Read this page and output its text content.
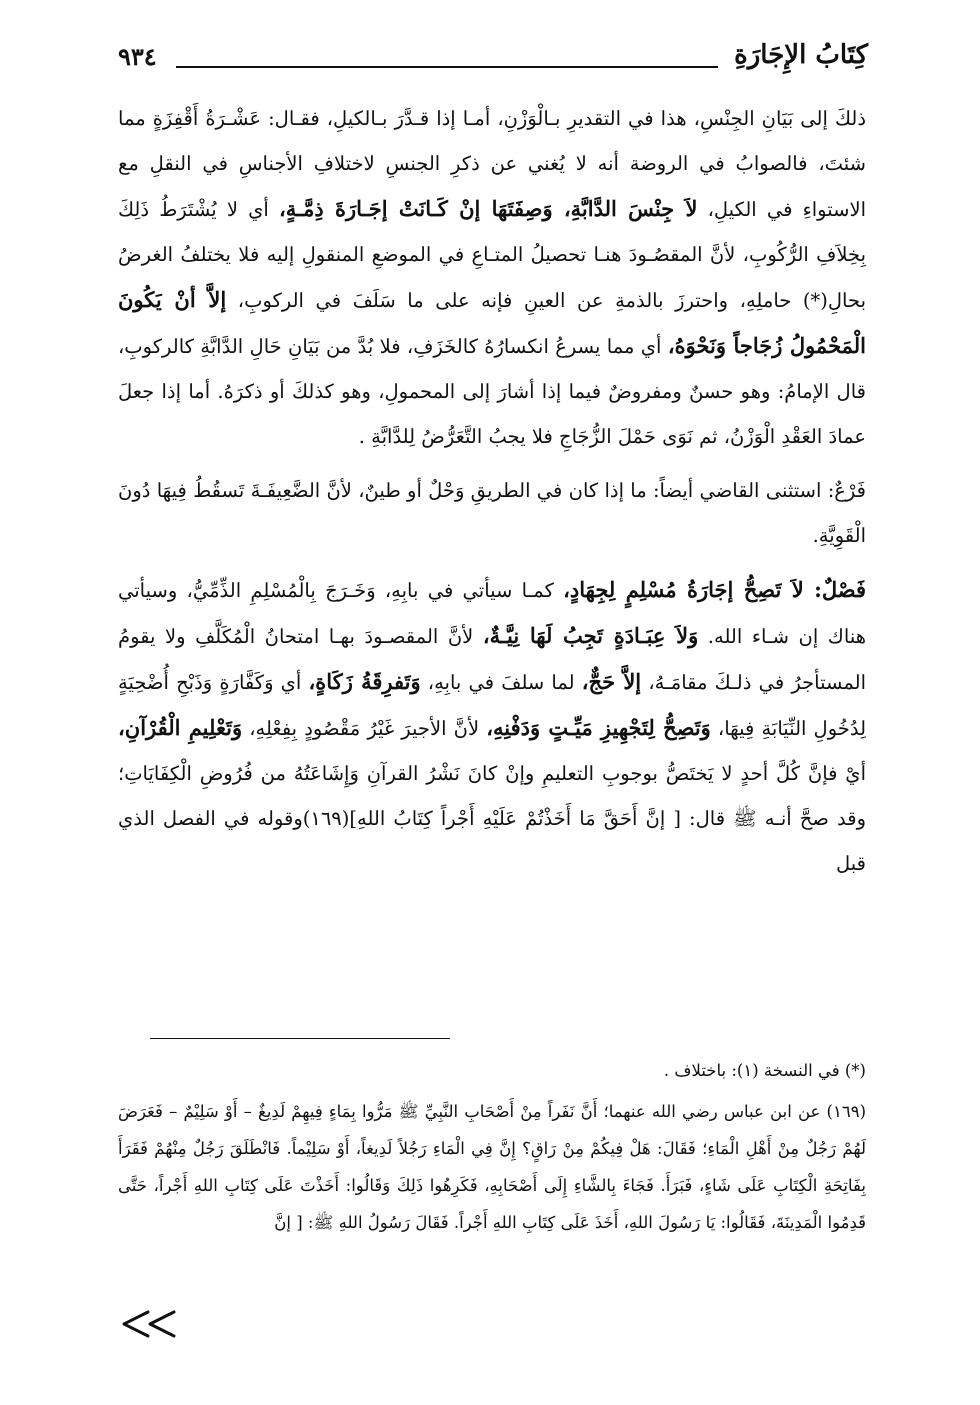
كِتَابُ الإِجَارَةِ
٩٣٤

ذلكَ إلى بَيَانِ الجِنْسِ، هذا في التقديرِ بـالْوَزْنِ، أمـا إذا قـدَّرَ بـالكيلِ، فقـال: عَشْـرَةُ أَقْفِزَةٍ مما شئتَ، فالصوابُ في الروضة أنه لا يُغني عن ذكرِ الجنسِ لاختلافِ الأجناسِ في النقلِ مع الاستواءِ في الكيلِ، لاَ جِنْسَ الدَّابَّةِ، وَصِفَتَهَا إنْ كَـانَتْ إجَـارَةَ ذِمَّـةٍ، أي لا يُشْتَرَطُ ذَلِكَ بِخِلاَفِ الرُّكُوبِ، لأنَّ المقصُـودَ هنـا تحصيلُ المتـاعِ في الموضعِ المنقولِ إليه فلا يختلفُ الغرضُ بحالِ(*) حاملِهِ، واحترزَ بالذمةِ عن العينِ فإنه على ما سَلَفَ في الركوبِ، إلاَّ أنْ يَكُونَ الْمَحْمُولُ زُجَاجاً وَنَحْوَهُ، أي مما يسرعُ انكسارُهُ كالخَزَفِ، فلا بُدَّ من بَيَانِ حَالِ الدَّابَّةِ كالركوبِ، قال الإمامُ: وهو حسنٌ ومفروضٌ فيما إذا أشارَ إلى المحمولِ، وهو كذلكَ أو ذكرَهُ. أما إذا جعلَ عمادَ العَقْدِ الْوَزْنُ، ثم نَوَى حَمْلَ الزُّجَاجِ فلا يجبُ التَّعَرُّضُ لِلدَّابَّةِ .

فَرْعٌ: استثنى القاضي أيضاً: ما إذا كان في الطريقِ وَحْلٌ أو طينٌ، لأنَّ الضَّعِيفَـةَ تَسقُطُ فِيهَا دُونَ الْقَوِيَّةِ.

فَصْلٌ: لاَ تَصِحُّ إجَارَةُ مُسْلِمٍ لِجِهَادٍ، كمـا سيأتي في بابِهِ، وَخَـرَجَ بِالْمُسْلِمِ الذِّمِّيُّ، وسيأتي هناك إن شـاء الله. وَلاَ عِبَـادَةٍ تَجِبُ لَهَا نِيَّـةٌ، لأنَّ المقصـودَ بهـا امتحانُ الْمُكَلَّفِ ولا يقومُ المستأجرُ في ذلـكَ مقامَـهُ، إلاَّ حَجٌّ، لما سلفَ في بابِهِ، وَتَفرِقَةُ زَكَاةٍ، أي وَكَفَّارَةٍ وَذَبْحِ أُضْحِيَةٍ لِدُخُولِ النِّيَابَةِ فِيهَا، وَتَصِحُّ لِتَجْهِيزِ مَيِّـتٍ وَدَفْنِهِ، لأنَّ الأجيرَ غَيْرُ مَقْصُودٍ بِفِعْلِهِ، وَتَعْلِيمِ الْقُرْآنِ، أيْ فإنَّ كُلَّ أحدٍ لا يَختَصُّ بوجوبِ التعليمِ وإنْ كانَ نَشْرُ القرآنِ وَإِشَاعَتُهُ من فُرُوضِ الْكِفَايَاتِ؛ وقد صحَّ أنـه ﷺ قال: [ إنَّ أَحَقَّ مَا أَخَذْتُمْ عَلَيْهِ أَجْراً كِتَابُ اللهِ](١٦٩)وقوله في الفصل الذي قبل

(*) في النسخة (١): باختلاف .

(١٦٩) عن ابن عباس رضي الله عنهما؛ أَنَّ نَفَراً مِنْ أَصْحَابِ النَّبِيِّ ﷺ مَرُّوا بِمَاءٍ فِيهِمْ لَدِيغٌ – أَوْ سَلِيْمٌ – فَعَرَضَ لَهُمْ رَجُلٌ مِنْ أَهْلِ الْمَاءِ؛ فَقَالَ: هَلْ فِيكُمْ مِنْ رَاقٍ؟ إِنَّ فِي الْمَاءِ رَجُلاً لَدِيغاً، أَوْ سَلِيْماً. فَانْطَلَقَ رَجُلٌ مِنْهُمْ فَقَرَأَ بِفَاتِحَةِ الْكِتَابِ عَلَى شَاءٍ، فَبَرَأَ. فَجَاءَ بِالشَّاءِ إِلَى أَصْحَابِهِ، فَكَرِهُوا ذَلِكَ وَقَالُوا: أَخَذْتَ عَلَى كِتَابِ اللهِ أَجْراً، حَتَّى قَدِمُوا الْمَدِينَةَ، فَقَالُوا: يَا رَسُولَ اللهِ، أَخَذَ عَلَى كِتَابِ اللهِ أَجْراً. فَقَالَ رَسُولُ اللهِ ﷺ: [ إنَّ
